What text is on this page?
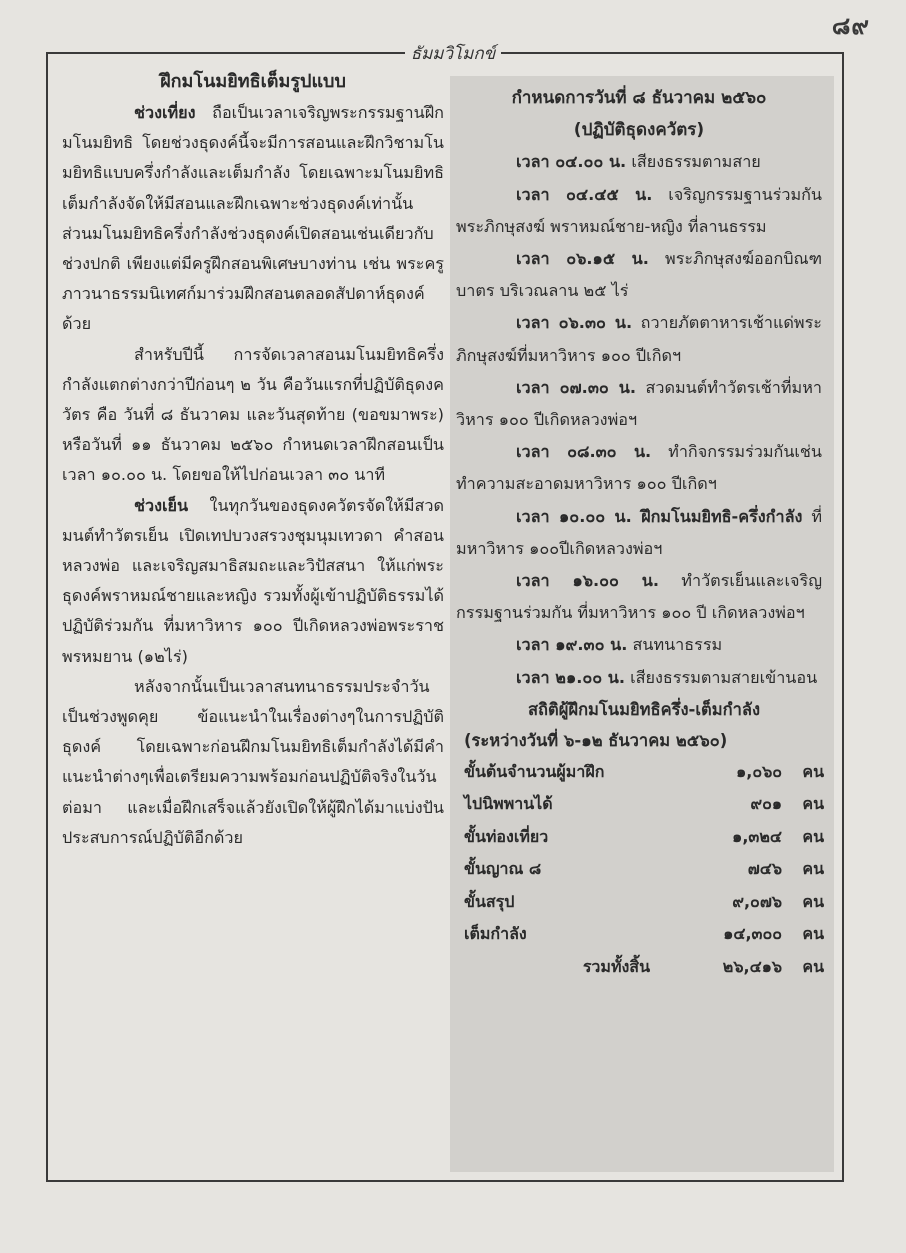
๘๙
ธัมมวิโมกข์
ฝึกมโนมยิทธิเต็มรูปแบบ

ช่วงเที่ยง ถือเป็นเวลาเจริญพระกรรมฐานฝึกมโนมยิทธิ โดยช่วงธุดงค์นี้จะมีการสอนและฝึกวิชามโนมยิทธิแบบครึ่งกำลังและเต็มกำลัง โดยเฉพาะมโนมยิทธิเต็มกำลังจัดให้มีสอนและฝึกเฉพาะช่วงธุดงค์เท่านั้น ส่วนมโนมยิทธิครึ่งกำลังช่วงธุดงค์เปิดสอนเช่นเดียวกับช่วงปกติ เพียงแต่มีครูฝึกสอนพิเศษบางท่าน เช่น พระครูภาวนาธรรมนิเทศก์มาร่วมฝึกสอนตลอดสัปดาห์ธุดงค์ด้วย

สำหรับปีนี้ การจัดเวลาสอนมโนมยิทธิครึ่งกำลังแตกต่างกว่าปีก่อนๆ ๒ วัน คือวันแรกที่ปฏิบัติธุดงควัตร คือ วันที่ ๘ ธันวาคม และวันสุดท้าย (ขอขมาพระ) หรือวันที่ ๑๑ ธันวาคม ๒๕๖๐ กำหนดเวลาฝึกสอนเป็นเวลา ๑๐.๐๐ น. โดยขอให้ไปก่อนเวลา ๓๐ นาที

ช่วงเย็น ในทุกวันของธุดงควัตรจัดให้มีสวดมนต์ทำวัตรเย็น เปิดเทปบวงสรวงชุมนุมเทวดา คำสอนหลวงพ่อ และเจริญสมาธิสมถะและวิปัสสนา ให้แก่พระธุดงค์พราหมณ์ชายและหญิง รวมทั้งผู้เข้าปฏิบัติธรรมได้ปฏิบัติร่วมกัน ที่มหาวิหาร ๑๐๐ ปีเกิดหลวงพ่อพระราชพรหมยาน (๑๒ไร่)

หลังจากนั้นเป็นเวลาสนทนาธรรมประจำวัน เป็นช่วงพูดคุย ข้อแนะนำในเรื่องต่างๆในการปฏิบัติธุดงค์ โดยเฉพาะก่อนฝึกมโนมยิทธิเต็มกำลังได้มีคำแนะนำต่างๆเพื่อเตรียมความพร้อมก่อนปฏิบัติจริงในวันต่อมา และเมื่อฝึกเสร็จแล้วยังเปิดให้ผู้ฝึกได้มาแบ่งปันประสบการณ์ปฏิบัติอีกด้วย

กำหนดการวันที่ ๘ ธันวาคม ๒๕๖๐

(ปฏิบัติธุดงควัตร)

เวลา ๐๔.๐๐ น. เสียงธรรมตามสาย

เวลา ๐๔.๔๕ น. เจริญกรรมฐานร่วมกัน พระภิกษุสงฆ์ พราหมณ์ชาย-หญิง ที่ลานธรรม

เวลา ๐๖.๑๕ น. พระภิกษุสงฆ์ออกบิณฑบาตร บริเวณลาน ๒๕ ไร่

เวลา ๐๖.๓๐ น. ถวายภัตตาหารเช้าแด่พระภิกษุสงฆ์ที่มหาวิหาร ๑๐๐ ปีเกิดฯ

เวลา ๐๗.๓๐ น. สวดมนต์ทำวัตรเช้าที่มหาวิหาร ๑๐๐ ปีเกิดหลวงพ่อฯ

เวลา ๐๘.๓๐ น. ทำกิจกรรมร่วมกันเช่น ทำความสะอาดมหาวิหาร ๑๐๐ ปีเกิดฯ

เวลา ๑๐.๐๐ น. ฝึกมโนมยิทธิ-ครึ่งกำลัง ที่มหาวิหาร ๑๐๐ปีเกิดหลวงพ่อฯ

เวลา ๑๖.๐๐ น. ทำวัตรเย็นและเจริญกรรมฐานร่วมกัน ที่มหาวิหาร ๑๐๐ ปี เกิดหลวงพ่อฯ

เวลา ๑๙.๓๐ น. สนทนาธรรม

เวลา ๒๑.๐๐ น. เสียงธรรมตามสายเข้านอน

สถิติผู้ฝึกมโนมยิทธิครึ่ง-เต็มกำลัง
(ระหว่างวันที่ ๖-๑๒ ธันวาคม ๒๕๖๐)
ขั้นต้นจำนวนผู้มาฝึก	๑,๐๖๐	คน
ไปนิพพานได้	๙๐๑	คน
ขั้นท่องเที่ยว	๑,๓๒๔	คน
ขั้นญาณ ๘	๗๔๖	คน
ขั้นสรุป	๙,๐๗๖	คน
เต็มกำลัง	๑๔,๓๐๐	คน
รวมทั้งสิ้น	๒๖,๔๑๖	คน
